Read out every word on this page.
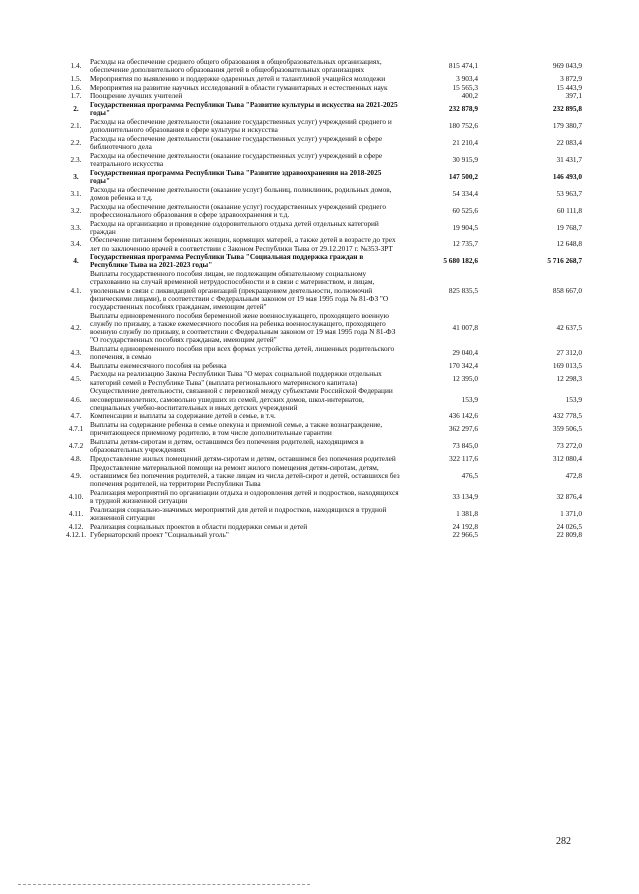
1.4.	Расходы на обеспечение среднего общего образования в общеобразовательных организациях, обеспечение дополнительного образования детей в общеобразовательных организациях	815 474,1	969 043,9
1.5.	Мероприятия по выявлению и поддержке одаренных детей и талантливой учащейся молодежи	3 903,4	3 872,9
1.6.	Мероприятия на развитие научных исследований в области гуманитарных и естественных наук	15 565,3	15 443,9
1.7.	Поощрение лучших учителей	400,2	397,1
2.	Государственная программа Республики Тыва "Развитие культуры и искусства на 2021-2025 годы"	232 878,9	232 895,8
2.1.	Расходы на обеспечение деятельности (оказание государственных услуг) учреждений среднего и дополнительного образования в сфере культуры и искусства	180 752,6	179 380,7
2.2.	Расходы на обеспечение деятельности (оказание государственных услуг) учреждений в сфере библиотечного дела	21 210,4	22 083,4
2.3.	Расходы на обеспечение деятельности (оказание государственных услуг) учреждений в сфере театрального искусства	30 915,9	31 431,7
3.	Государственная программа Республики Тыва "Развитие здравоохранения на 2018-2025 годы"	147 500,2	146 493,0
3.1.	Расходы на обеспечение деятельности (оказание услуг) больниц, поликлиник, родильных домов, домов ребенка и т.д.	54 334,4	53 963,7
3.2.	Расходы на обеспечение деятельности (оказание услуг) государственных учреждений среднего профессионального образования в сфере здравоохранения и т.д.	60 525,6	60 111,8
3.3.	Расходы на организацию и проведение оздоровительного отдыха детей отдельных категорий граждан	19 904,5	19 768,7
3.4.	Обеспечение питанием беременных женщин, кормящих матерей, а также детей в возрасте до трех лет по заключению врачей в соответствии с Законом Республики Тыва от 29.12.2017 г. №353-ЗРТ	12 735,7	12 648,8
4.	Государственная программа Республики Тыва "Социальная поддержка граждан в Республике Тыва на 2021-2023 годы"	5 680 182,6	5 716 268,7
4.1.	Выплаты государственного пособия лицам, не подлежащим обязательному социальному страхованию на случай временной нетрудоспособности и в связи с материнством, и лицам, уволенным в связи с ликвидацией организаций (прекращением деятельности, полномочий физическими лицами), в соответствии с Федеральным законом от 19 мая 1995 года № 81-ФЗ "О государственных пособиях гражданам, имеющим детей"	825 835,5	858 667,0
4.2.	Выплаты единовременного пособия беременной жене военнослужащего, проходящего военную службу по призыву, а также ежемесячного пособия на ребенка военнослужащего, проходящего военную службу по призыву, в соответствии с Федеральным законом от 19 мая 1995 года N 81-ФЗ "О государственных пособиях гражданам, имеющим детей"	41 007,8	42 637,5
4.3.	Выплаты единовременного пособия при всех формах устройства детей, лишенных родительского попечения, в семью	29 040,4	27 312,0
4.4.	Выплаты ежемесячного пособия на ребенка	170 342,4	169 013,5
4.5.	Расходы на реализацию Закона Республики Тыва "О мерах социальной поддержки отдельных категорий семей в Республике Тыва" (выплата регионального материнского капитала)	12 395,0	12 298,3
4.6.	Осуществление деятельности, связанной с перевозкой между субъектами Российской Федерации несовершеннолетних, самовольно ушедших из семей, детских домов, школ-интернатов, специальных учебно-воспитательных и иных детских учреждений	153,9	153,9
4.7.	Компенсации и выплаты за содержание детей в семье, в т.ч.	436 142,6	432 778,5
4.7.1	Выплаты на содержание ребенка в семье опекуна и приемной семье, а также вознаграждение, причитающееся приемному родителю, в том числе дополнительные гарантии	362 297,6	359 506,5
4.7.2	Выплаты детям-сиротам и детям, оставшимся без попечения родителей, находящимся в образовательных учреждениях	73 845,0	73 272,0
4.8.	Предоставление жилых помещений детям-сиротам и детям, оставшимся без попечения родителей	322 117,6	312 080,4
4.9.	Предоставление материальной помощи на ремонт жилого помещения детям-сиротам, детям, оставшимся без попечения родителей, а также лицам из числа детей-сирот и детей, оставшихся без попечения родителей, на территории Республики Тыва	476,5	472,8
4.10.	Реализация мероприятий по организации отдыха и оздоровления детей и подростков, находящихся в трудной жизненной ситуации	33 134,9	32 876,4
4.11.	Реализация социально-значимых мероприятий для детей и подростков, находящихся в трудной жизненной ситуации	1 381,8	1 371,0
4.12.	Реализация социальных проектов в области поддержки семьи и детей	24 192,8	24 026,5
4.12.1.	Губернаторский проект "Социальный уголь"	22 966,5	22 809,8
282
